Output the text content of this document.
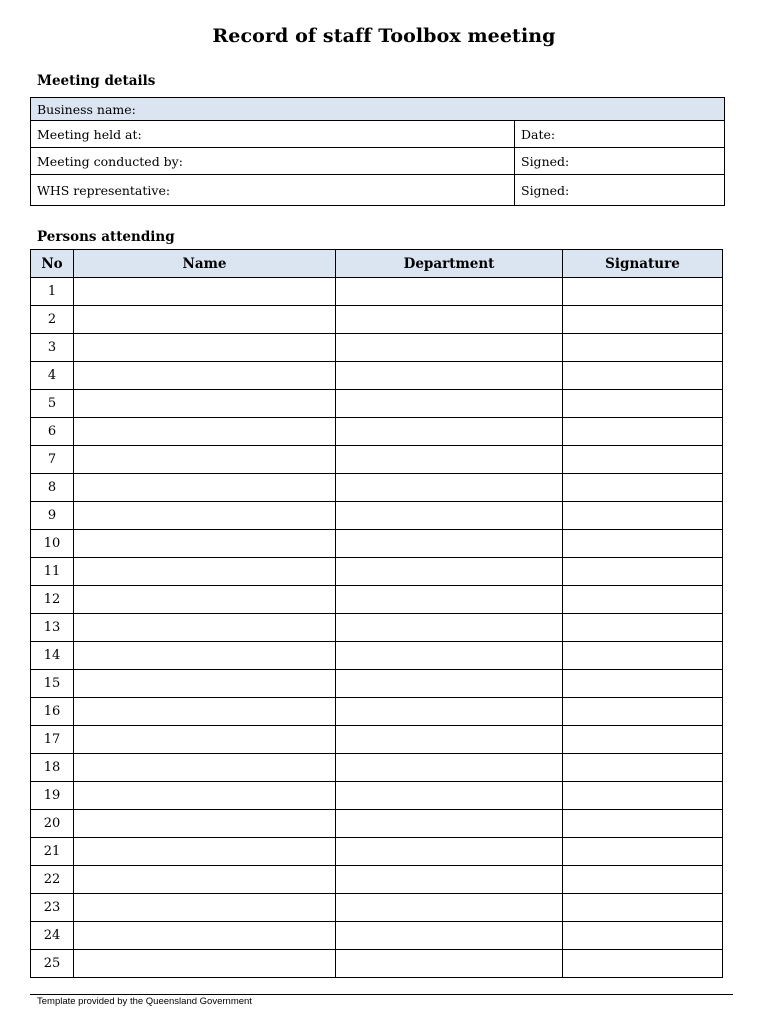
Record of staff Toolbox meeting
Meeting details
Business name:	
Meeting held at:	Date:
Meeting conducted by:	Signed:
WHS representative:	Signed:
Persons attending
No	Name	Department	Signature
1			
2			
3			
4			
5			
6			
7			
8			
9			
10			
11			
12			
13			
14			
15			
16			
17			
18			
19			
20			
21			
22			
23			
24			
25			
Template provided by the Queensland Government
